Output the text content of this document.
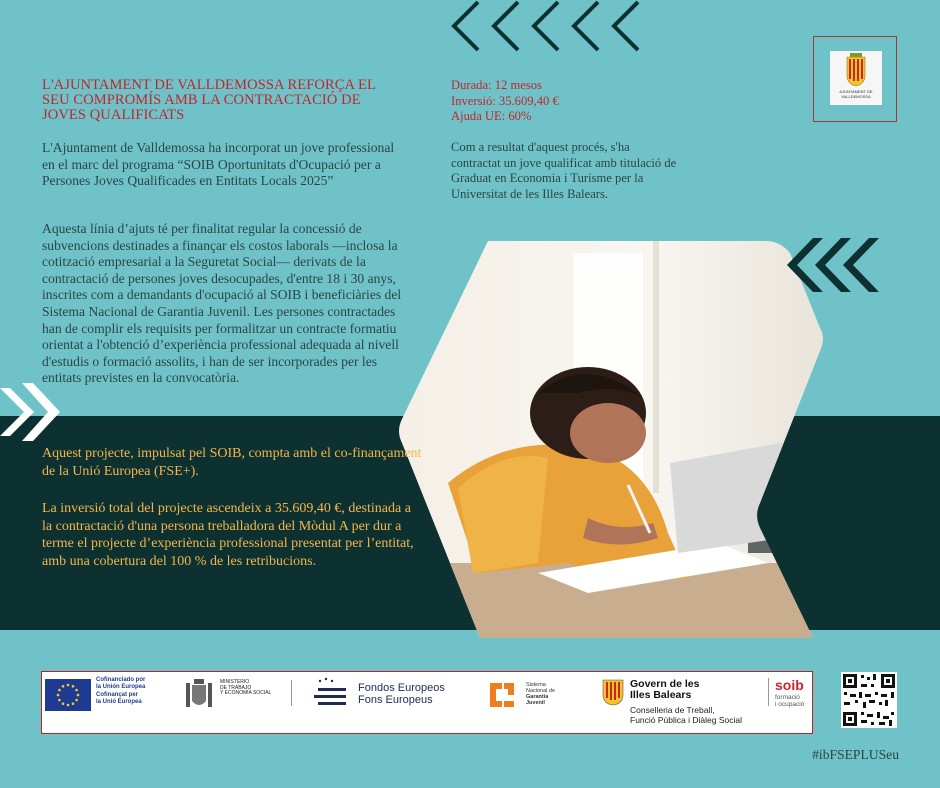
AJUNTAMENT DE
VALLDEMOSSA
L'AJUNTAMENT DE VALLDEMOSSA REFORÇA EL SEU COMPROMÍS AMB LA CONTRACTACIÓ DE JOVES QUALIFICATS
L'Ajuntament de Valldemossa ha incorporat un jove professional en el marc del programa “SOIB Oportunitats d'Ocupació per a Persones Joves Qualificades en Entitats Locals 2025”
Aquesta línia d’ajuts té per finalitat regular la concessió de subvencions destinades a finançar els costos laborals —inclosa la cotització empresarial a la Seguretat Social— derivats de la contractació de persones joves desocupades, d'entre 18 i 30 anys, inscrites com a demandants d'ocupació al SOIB i beneficiàries del Sistema Nacional de Garantia Juvenil. Les persones contractades han de complir els requisits per formalitzar un contracte formatiu orientat a l'obtenció d’experiència professional adequada al nivell d'estudis o formació assolits, i han de ser incorporades per les entitats previstes en la convocatòria.
Durada: 12 mesos
Inversió: 35.609,40 €
Ajuda UE: 60%
Com a resultat d'aquest procés, s'ha contractat un jove qualificat amb titulació de Graduat en Economia i Turisme per la Universitat de les Illes Balears.
Aquest projecte, impulsat pel SOIB, compta amb el co-finançament de la Unió Europea (FSE+).
La inversió total del projecte ascendeix a 35.609,40 €, destinada a la contractació d'una persona treballadora del Mòdul A per dur a terme el projecte d’experiència professional presentat per l’entitat, amb una cobertura del 100 % de les retribucions.
Cofinanciado por
la Unión Europea
Cofinançat per
la Unió Europea
MINISTERIO
DE TRABAJO
Y ECONOMÍA SOCIAL	Fondos Europeos
Fons Europeus
Sistema
Nacional de
Garantía
Juvenil
Govern de les
Illes Balears
Conselleria de Treball,
Funció Pública i Diàleg Social
soib
formació
i ocupació
#ibFSEPLUSeu
